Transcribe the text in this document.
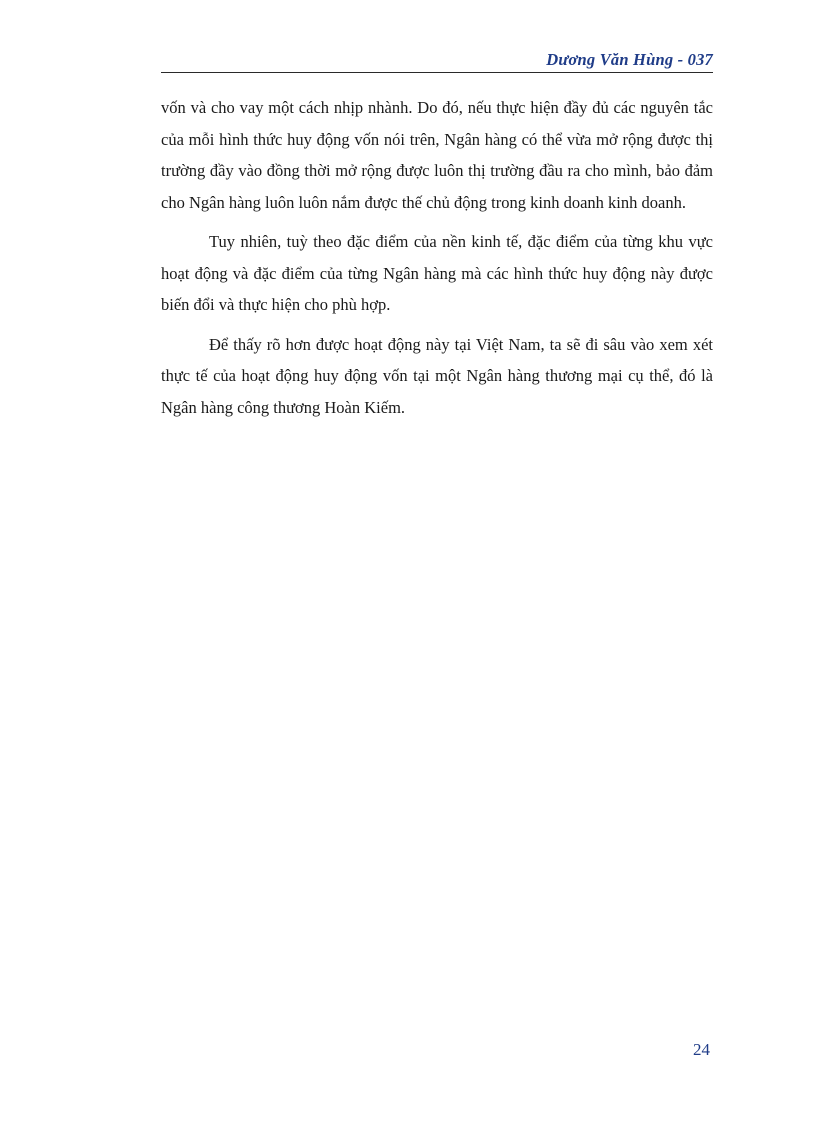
Dương Văn Hùng - 037

vốn và cho vay một cách nhịp nhành. Do đó, nếu thực hiện đầy đủ các nguyên tắc của mỗi hình thức huy động vốn nói trên, Ngân hàng có thể vừa mở rộng được thị trường đầy vào đồng thời mở rộng được luôn thị trường đầu ra cho mình, bảo đảm cho Ngân hàng luôn luôn nắm được thế chủ động trong kinh doanh kinh doanh.

Tuy nhiên, tuỳ theo đặc điểm của nền kinh tế, đặc điểm của từng khu vực hoạt động và đặc điểm của từng Ngân hàng mà các hình thức huy động này được biến đổi và thực hiện cho phù hợp.

Để thấy rõ hơn được hoạt động này tại Việt Nam, ta sẽ đi sâu vào xem xét thực tế của hoạt động huy động vốn tại một Ngân hàng thương mại cụ thể, đó là Ngân hàng công thương Hoàn Kiếm.

24
